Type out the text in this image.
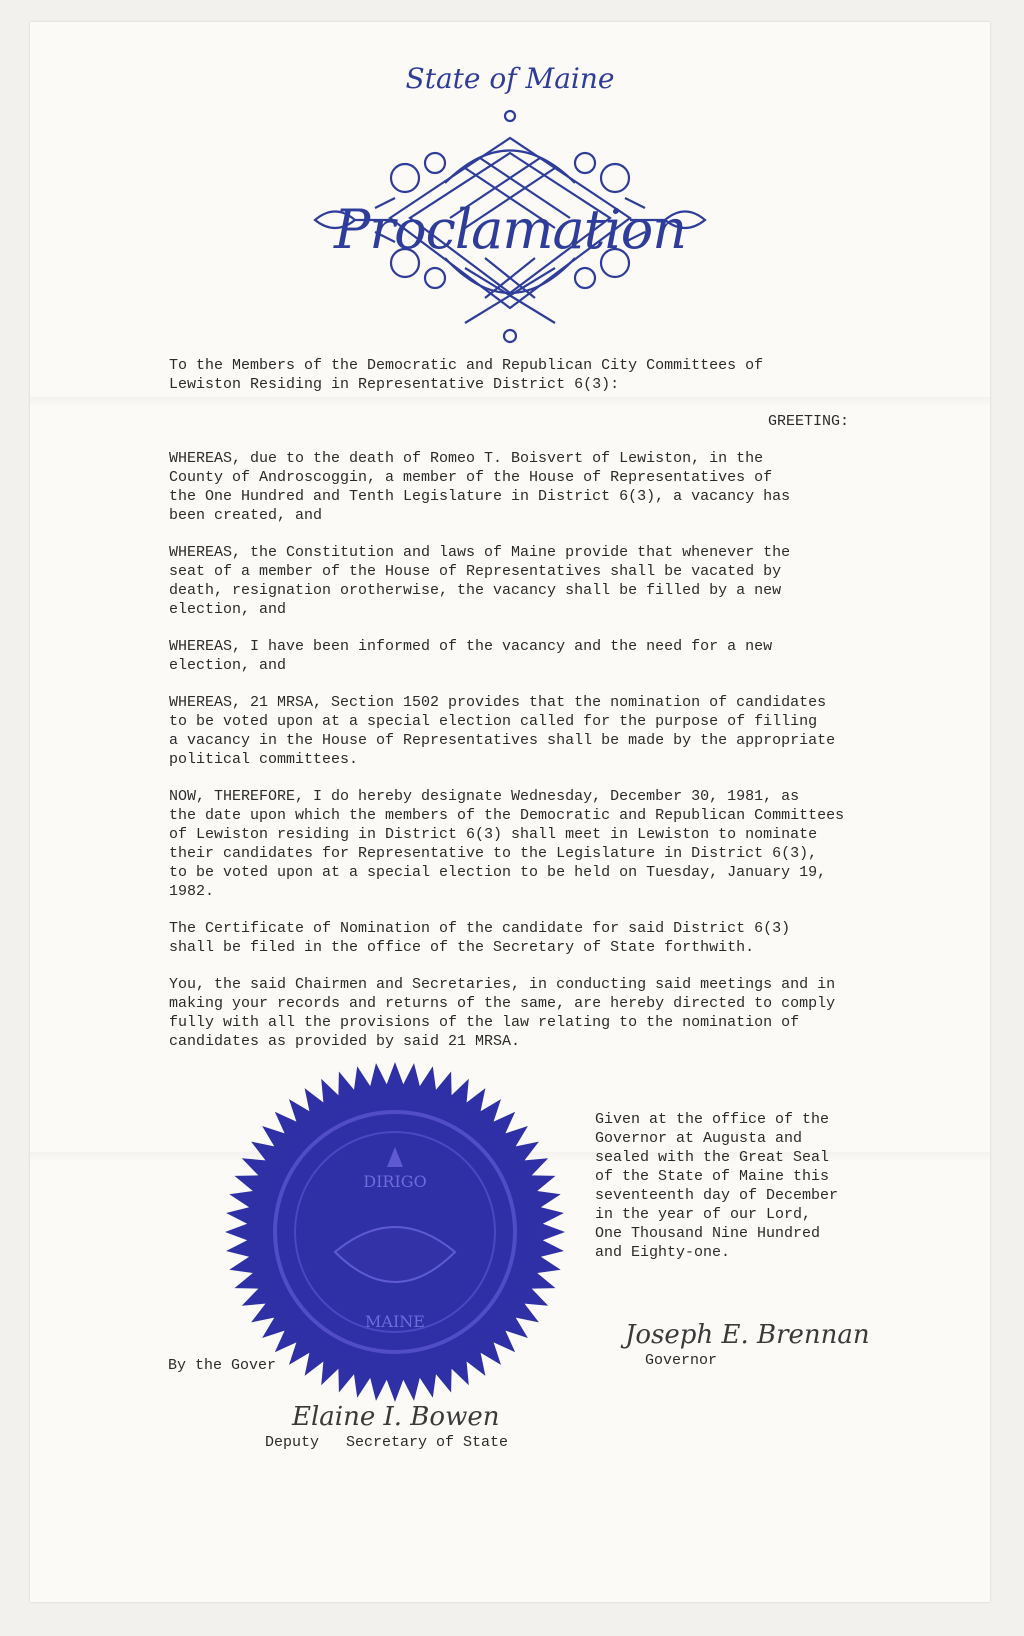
State of Maine
Proclamation

To the Members of the Democratic and Republican City Committees of
Lewiston Residing in Representative District 6(3):

GREETING:

WHEREAS, due to the death of Romeo T. Boisvert of Lewiston, in the
County of Androscoggin, a member of the House of Representatives of
the One Hundred and Tenth Legislature in District 6(3), a vacancy has
been created, and

WHEREAS, the Constitution and laws of Maine provide that whenever the
seat of a member of the House of Representatives shall be vacated by
death, resignation orotherwise, the vacancy shall be filled by a new
election, and

WHEREAS, I have been informed of the vacancy and the need for a new
election, and

WHEREAS, 21 MRSA, Section 1502 provides that the nomination of candidates
to be voted upon at a special election called for the purpose of filling
a vacancy in the House of Representatives shall be made by the appropriate
political committees.

NOW, THEREFORE, I do hereby designate Wednesday, December 30, 1981, as
the date upon which the members of the Democratic and Republican Committees
of Lewiston residing in District 6(3) shall meet in Lewiston to nominate
their candidates for Representative to the Legislature in District 6(3),
to be voted upon at a special election to be held on Tuesday, January 19,
1982.

The Certificate of Nomination of the candidate for said District 6(3)
shall be filed in the office of the Secretary of State forthwith.

You, the said Chairmen and Secretaries, in conducting said meetings and in
making your records and returns of the same, are hereby directed to comply
fully with all the provisions of the law relating to the nomination of
candidates as provided by said 21 MRSA.

Given at the office of the
Governor at Augusta and
sealed with the Great Seal
of the State of Maine this
seventeenth day of December
in the year of our Lord,
One Thousand Nine Hundred
and Eighty-one.
By the Gover
DIRIGO
MAINE	Joseph E. Brennan
Governor
Elaine I. Bowen
Deputy   Secretary of State
